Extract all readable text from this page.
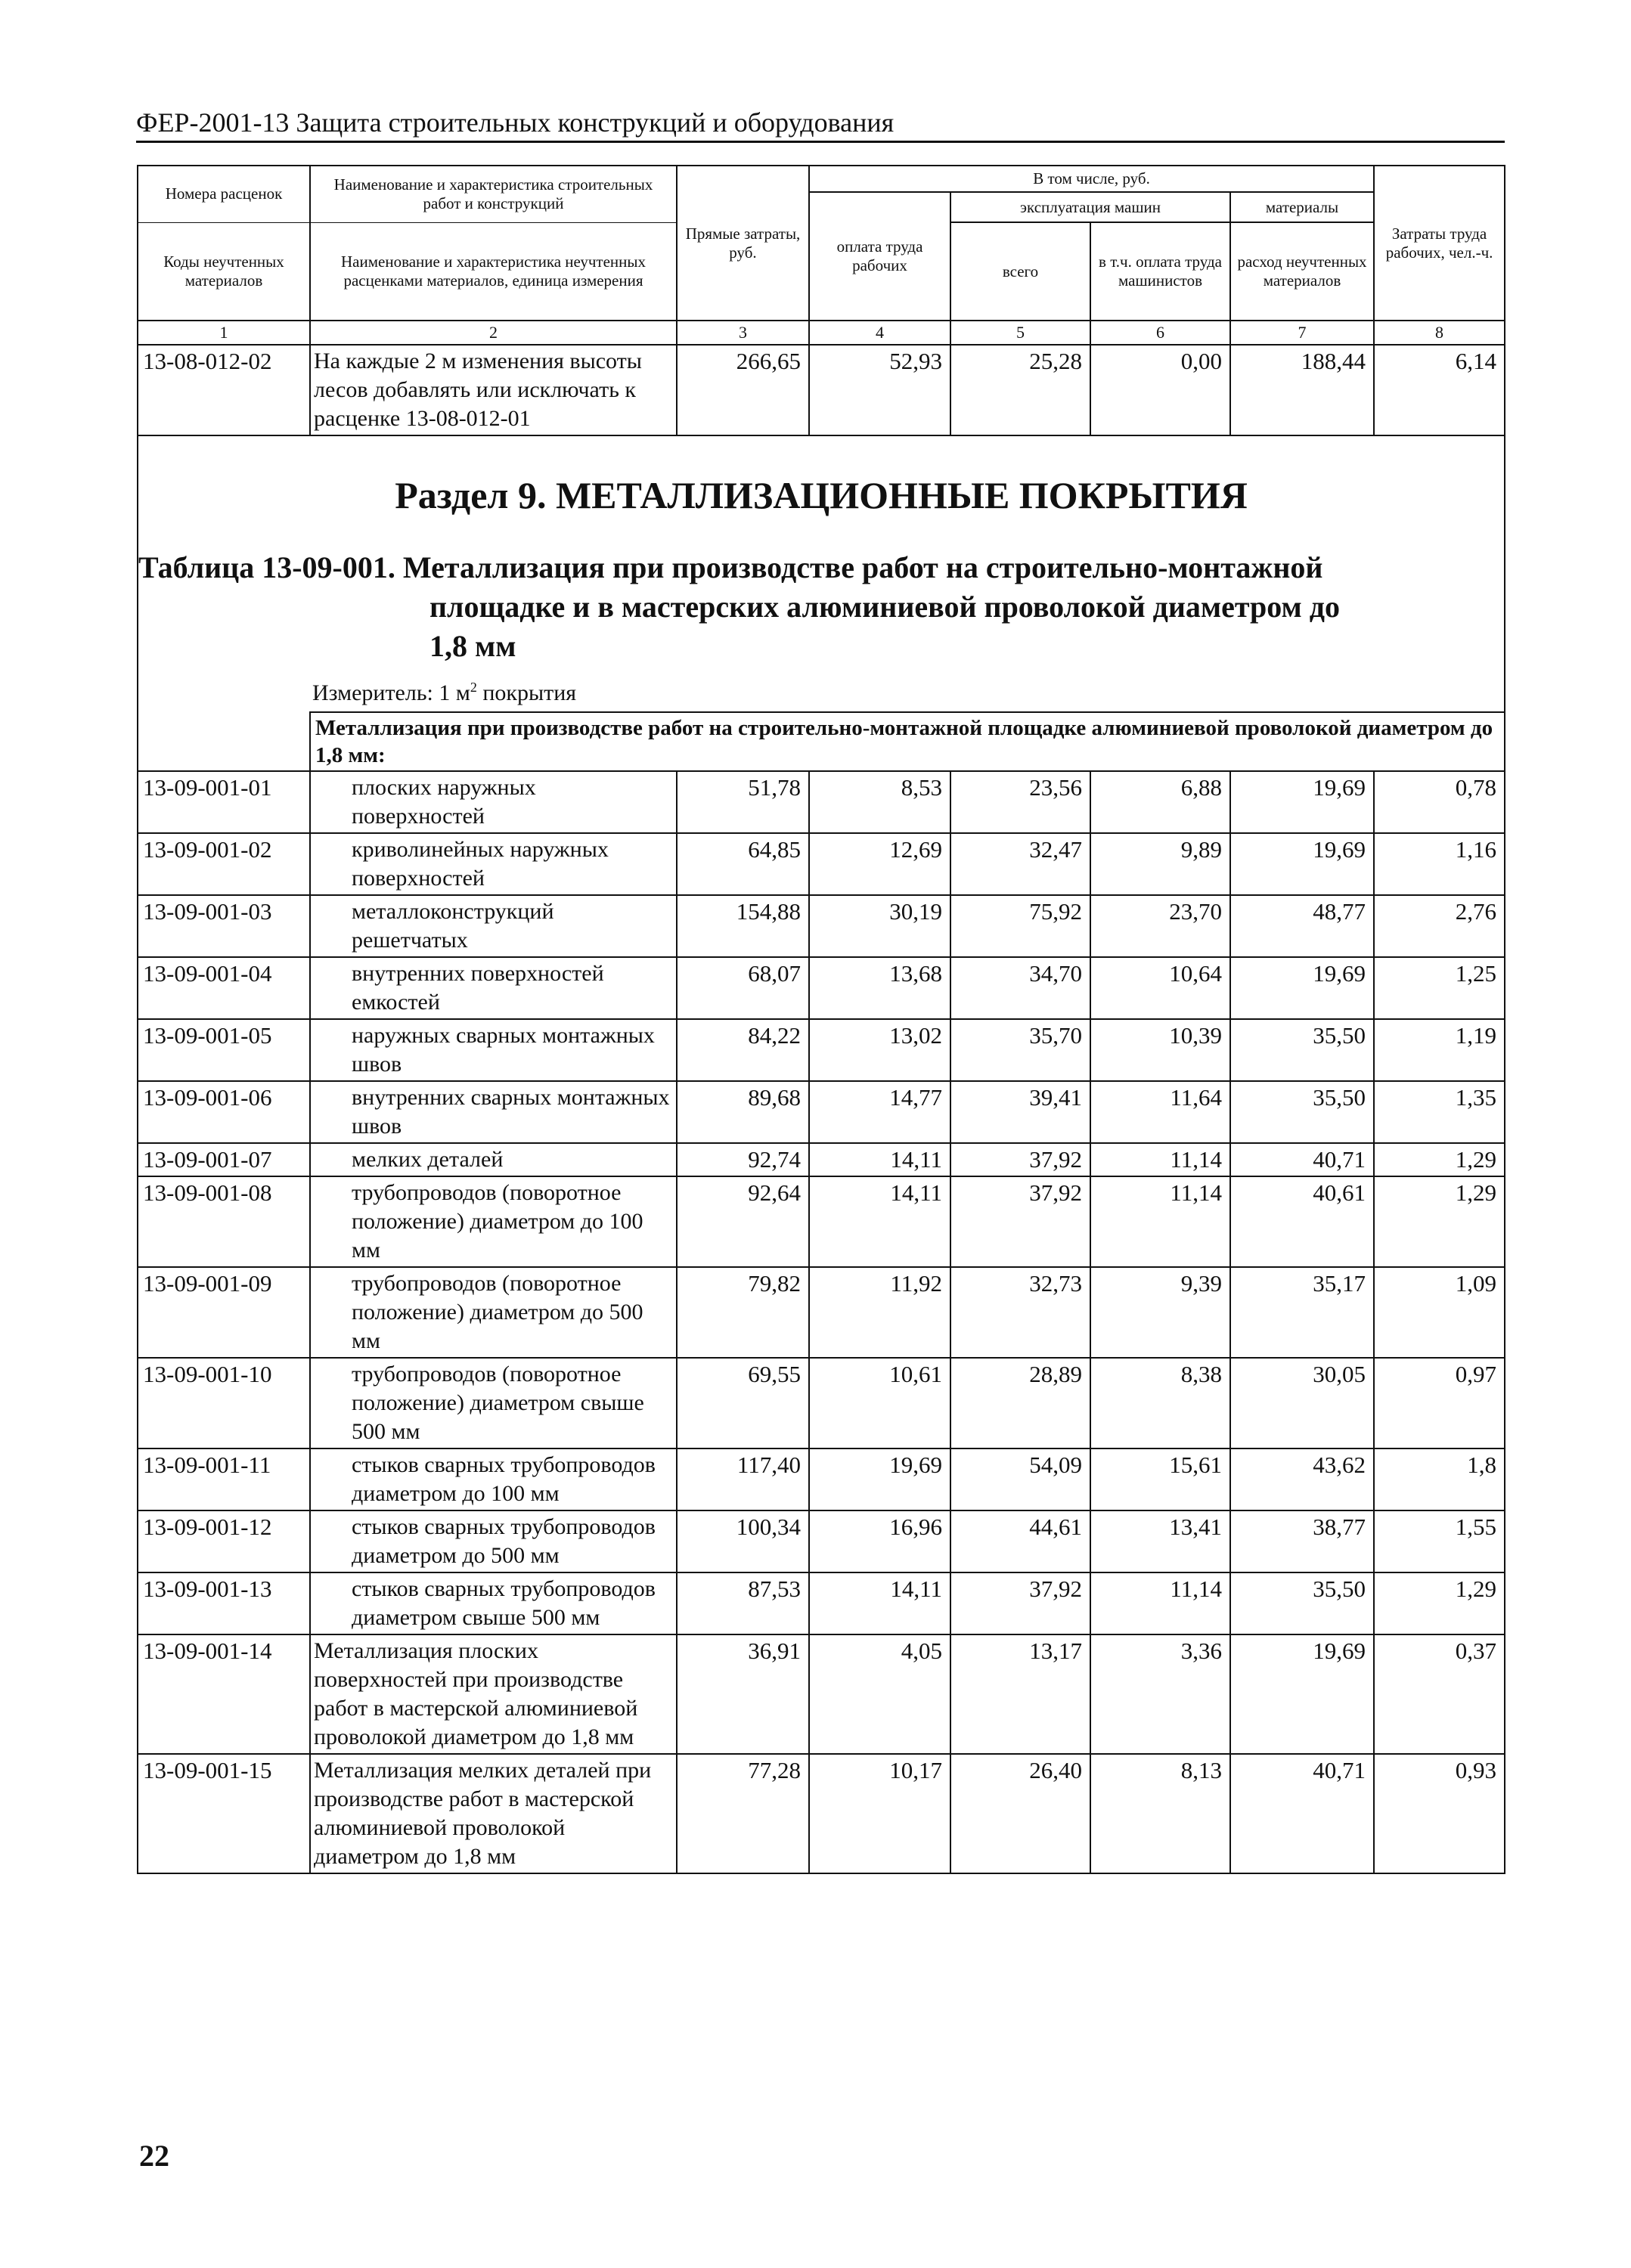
ФЕР-2001-13 Защита строительных конструкций и оборудования
Номера расценок	Наименование и характеристика строительных работ и конструкций	Прямые затраты, руб.	В том числе, руб.				Затраты труда рабочих, чел.-ч.
			оплата труда рабочих	эксплуатация машин		материалы	
Коды неучтенных материалов	Наименование и характеристика неучтенных расценками материалов, единица измерения			всего	в т.ч. оплата труда машинистов	расход неучтенных материалов	
1	2	3	4	5	6	7	8
13-08-012-02	На каждые 2 м изменения высоты лесов добавлять или исключать к расценке 13-08-012-01	266,65	52,93	25,28	0,00	188,44	6,14

Раздел 9. МЕТАЛЛИЗАЦИОННЫЕ ПОКРЫТИЯ
Таблица 13-09-001. Металлизация при производстве работ на строительно-монтажной
площадке и в мастерских алюминиевой проволокой диаметром до
1,8 мм
Измеритель: 1 $м^2$ покрытия							

	Металлизация при производстве работ на строительно-монтажной площадке алюминиевой проволокой диаметром до 1,8 мм:						
13-09-001-01	плоских наружных поверхностей	51,78	8,53	23,56	6,88	19,69	0,78
13-09-001-02	криволинейных наружных поверхностей	64,85	12,69	32,47	9,89	19,69	1,16
13-09-001-03	металлоконструкций решетчатых	154,88	30,19	75,92	23,70	48,77	2,76
13-09-001-04	внутренних поверхностей емкостей	68,07	13,68	34,70	10,64	19,69	1,25
13-09-001-05	наружных сварных монтажных швов	84,22	13,02	35,70	10,39	35,50	1,19
13-09-001-06	внутренних сварных монтажных швов	89,68	14,77	39,41	11,64	35,50	1,35
13-09-001-07	мелких деталей	92,74	14,11	37,92	11,14	40,71	1,29
13-09-001-08	трубопроводов (поворотное положение) диаметром до 100 мм	92,64	14,11	37,92	11,14	40,61	1,29
13-09-001-09	трубопроводов (поворотное положение) диаметром до 500 мм	79,82	11,92	32,73	9,39	35,17	1,09
13-09-001-10	трубопроводов (поворотное положение) диаметром свыше 500 мм	69,55	10,61	28,89	8,38	30,05	0,97
13-09-001-11	стыков сварных трубопроводов диаметром до 100 мм	117,40	19,69	54,09	15,61	43,62	1,8
13-09-001-12	стыков сварных трубопроводов диаметром до 500 мм	100,34	16,96	44,61	13,41	38,77	1,55
13-09-001-13	стыков сварных трубопроводов диаметром свыше 500 мм	87,53	14,11	37,92	11,14	35,50	1,29
13-09-001-14	Металлизация плоских поверхностей при производстве работ в мастерской алюминиевой проволокой диаметром до 1,8 мм	36,91	4,05	13,17	3,36	19,69	0,37
13-09-001-15	Металлизация мелких деталей при производстве работ в мастерской алюминиевой проволокой диаметром до 1,8 мм	77,28	10,17	26,40	8,13	40,71	0,93
22
